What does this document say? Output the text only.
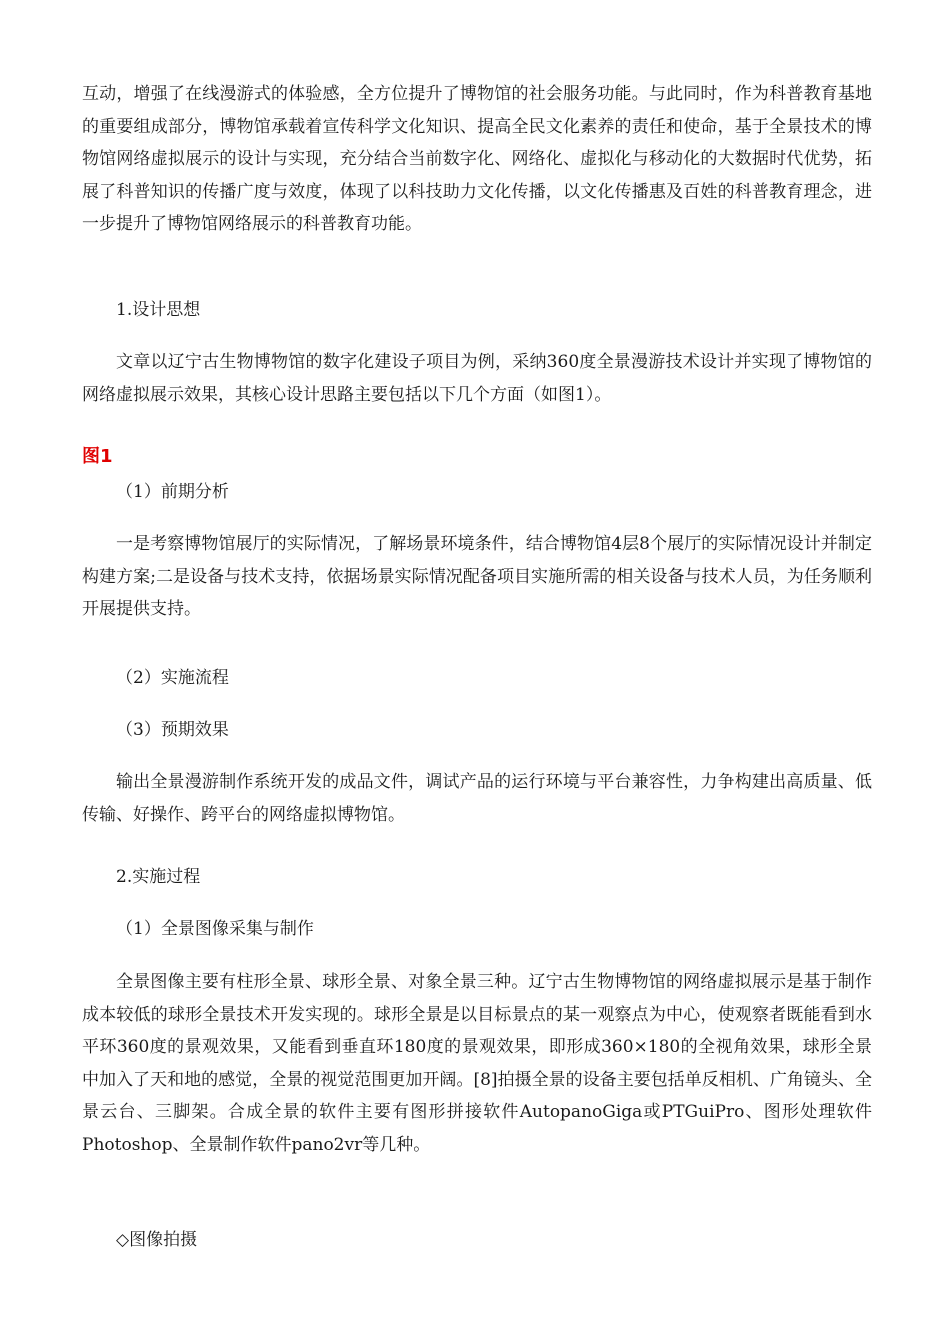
互动，增强了在线漫游式的体验感，全方位提升了博物馆的社会服务功能。与此同时，作为科普教育基地的重要组成部分，博物馆承载着宣传科学文化知识、提高全民文化素养的责任和使命，基于全景技术的博物馆网络虚拟展示的设计与实现，充分结合当前数字化、网络化、虚拟化与移动化的大数据时代优势，拓展了科普知识的传播广度与效度，体现了以科技助力文化传播，以文化传播惠及百姓的科普教育理念，进一步提升了博物馆网络展示的科普教育功能。

1.设计思想

文章以辽宁古生物博物馆的数字化建设子项目为例，采纳360度全景漫游技术设计并实现了博物馆的网络虚拟展示效果，其核心设计思路主要包括以下几个方面（如图1）。

图1
（1）前期分析

一是考察博物馆展厅的实际情况，了解场景环境条件，结合博物馆4层8个展厅的实际情况设计并制定构建方案;二是设备与技术支持，依据场景实际情况配备项目实施所需的相关设备与技术人员，为任务顺利开展提供支持。

（2）实施流程
（3）预期效果

输出全景漫游制作系统开发的成品文件，调试产品的运行环境与平台兼容性，力争构建出高质量、低传输、好操作、跨平台的网络虚拟博物馆。

2.实施过程
（1）全景图像采集与制作

全景图像主要有柱形全景、球形全景、对象全景三种。辽宁古生物博物馆的网络虚拟展示是基于制作成本较低的球形全景技术开发实现的。球形全景是以目标景点的某一观察点为中心，使观察者既能看到水平环360度的景观效果，又能看到垂直环180度的景观效果，即形成360×180的全视角效果，球形全景中加入了天和地的感觉，全景的视觉范围更加开阔。[8]拍摄全景的设备主要包括单反相机、广角镜头、全景云台、三脚架。合成全景的软件主要有图形拼接软件AutopanoGiga或PTGuiPro、图形处理软件Photoshop、全景制作软件pano2vr等几种。

◇图像拍摄
